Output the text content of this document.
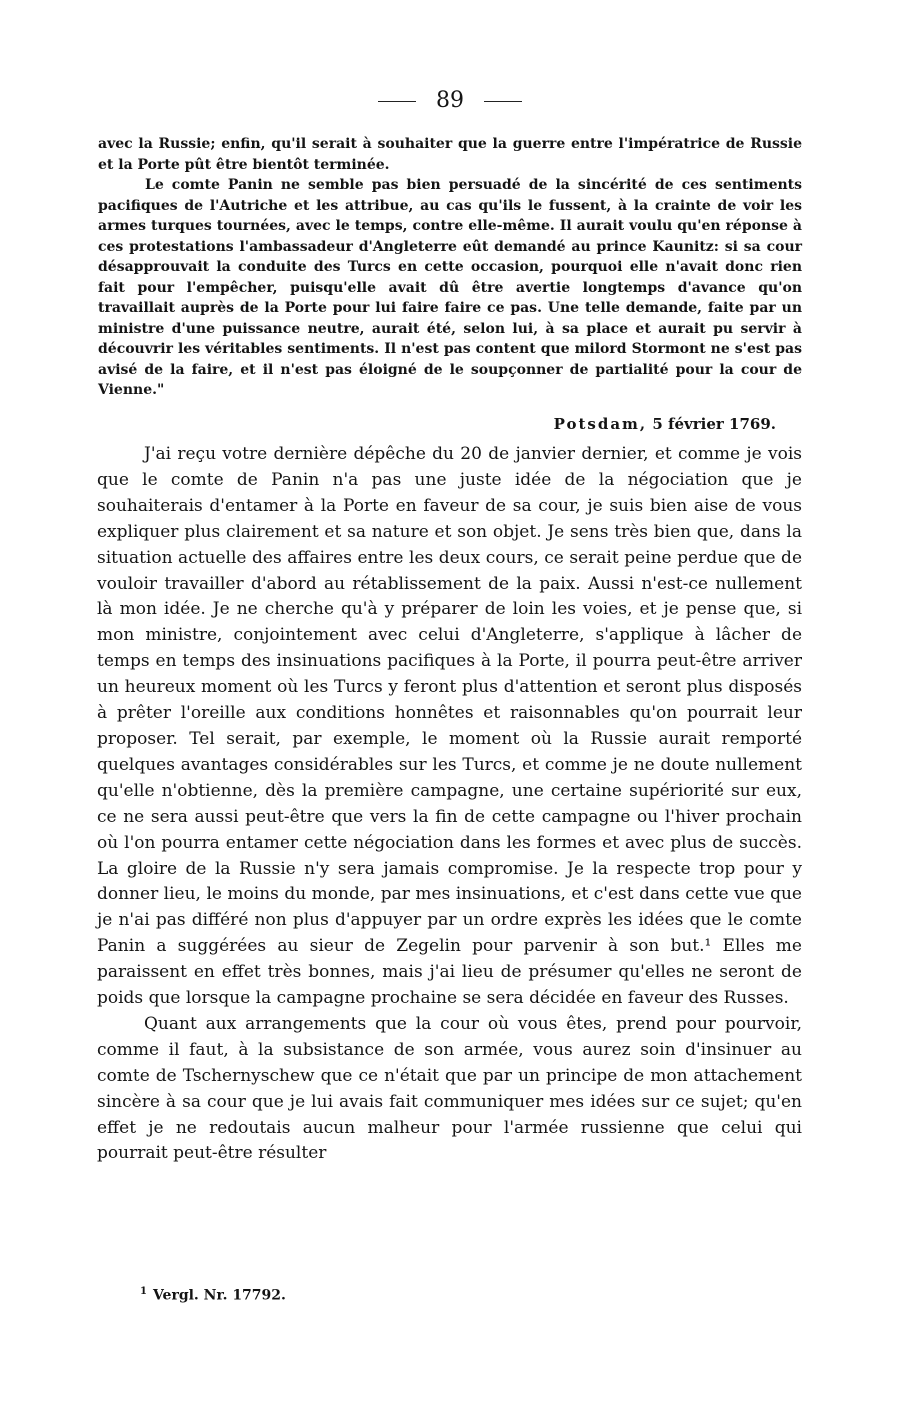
89

avec la Russie; enfin, qu'il serait à souhaiter que la guerre entre l'impératrice de Russie et la Porte pût être bientôt terminée.

Le comte Panin ne semble pas bien persuadé de la sincérité de ces sentiments pacifiques de l'Autriche et les attribue, au cas qu'ils le fussent, à la crainte de voir les armes turques tournées, avec le temps, contre elle-même. Il aurait voulu qu'en réponse à ces protestations l'ambassadeur d'Angleterre eût demandé au prince Kaunitz: si sa cour désapprouvait la conduite des Turcs en cette occasion, pourquoi elle n'avait donc rien fait pour l'empêcher, puisqu'elle avait dû être avertie longtemps d'avance qu'on travaillait auprès de la Porte pour lui faire faire ce pas. Une telle demande, faite par un ministre d'une puissance neutre, aurait été, selon lui, à sa place et aurait pu servir à découvrir les véritables sentiments. Il n'est pas content que milord Stormont ne s'est pas avisé de la faire, et il n'est pas éloigné de le soupçonner de partialité pour la cour de Vienne."

Potsdam, 5 février 1769.

J'ai reçu votre dernière dépêche du 20 de janvier dernier, et comme je vois que le comte de Panin n'a pas une juste idée de la négociation que je souhaiterais d'entamer à la Porte en faveur de sa cour, je suis bien aise de vous expliquer plus clairement et sa nature et son objet. Je sens très bien que, dans la situation actuelle des affaires entre les deux cours, ce serait peine perdue que de vouloir travailler d'abord au rétablissement de la paix. Aussi n'est-ce nullement là mon idée. Je ne cherche qu'à y préparer de loin les voies, et je pense que, si mon ministre, conjointement avec celui d'Angleterre, s'applique à lâcher de temps en temps des insinuations pacifiques à la Porte, il pourra peut-être arriver un heureux moment où les Turcs y feront plus d'attention et seront plus disposés à prêter l'oreille aux conditions honnêtes et raisonnables qu'on pourrait leur proposer. Tel serait, par exemple, le moment où la Russie aurait remporté quelques avantages considérables sur les Turcs, et comme je ne doute nullement qu'elle n'obtienne, dès la première campagne, une certaine supériorité sur eux, ce ne sera aussi peut-être que vers la fin de cette campagne ou l'hiver prochain où l'on pourra entamer cette négociation dans les formes et avec plus de succès. La gloire de la Russie n'y sera jamais compromise. Je la respecte trop pour y donner lieu, le moins du monde, par mes insinuations, et c'est dans cette vue que je n'ai pas différé non plus d'appuyer par un ordre exprès les idées que le comte Panin a suggérées au sieur de Zegelin pour parvenir à son but.¹ Elles me paraissent en effet très bonnes, mais j'ai lieu de présumer qu'elles ne seront de poids que lorsque la campagne prochaine se sera décidée en faveur des Russes.

Quant aux arrangements que la cour où vous êtes, prend pour pourvoir, comme il faut, à la subsistance de son armée, vous aurez soin d'insinuer au comte de Tschernyschew que ce n'était que par un principe de mon attachement sincère à sa cour que je lui avais fait communiquer mes idées sur ce sujet; qu'en effet je ne redoutais aucun malheur pour l'armée russienne que celui qui pourrait peut-être résulter

$^1$ Vergl. Nr. 17792.
